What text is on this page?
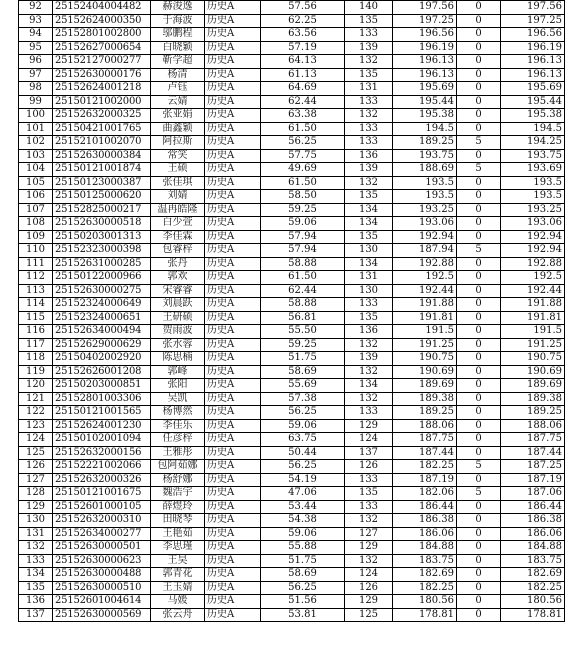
92	25152404004482	赫浚逸	历史A	57.56	140	197.56	0	197.56
93	25152624000350	于海波	历史A	62.25	135	197.25	0	197.25
94	25152801002800	邬鹏程	历史A	63.56	133	196.56	0	196.56
95	25152627000654	白晓颖	历史A	57.19	139	196.19	0	196.19
96	25152127000277	靳学超	历史A	64.13	132	196.13	0	196.13
97	25152630000176	杨清	历史A	61.13	135	196.13	0	196.13
98	25152624001218	卢钰	历史A	64.69	131	195.69	0	195.69
99	25150121002000	云婧	历史A	62.44	133	195.44	0	195.44
100	25152632000325	张亚娟	历史A	63.38	132	195.38	0	195.38
101	25150421001765	曲鑫颖	历史A	61.50	133	194.5	0	194.5
102	25152101002070	阿拉斯	历史A	56.25	133	189.25	5	194.25
103	25152630000384	常笑	历史A	57.75	136	193.75	0	193.75
104	25150121001874	王硕	历史A	49.69	139	188.69	5	193.69
105	25150123000387	张佳琪	历史A	61.50	132	193.5	0	193.5
106	25150125000620	刘婧	历史A	58.50	135	193.5	0	193.5
107	25152825000217	温冉皓隆	历史A	59.25	134	193.25	0	193.25
108	25152630000518	白少萱	历史A	59.06	134	193.06	0	193.06
109	25150203001313	李佳霖	历史A	57.94	135	192.94	0	192.94
110	25152323000398	包睿梓	历史A	57.94	130	187.94	5	192.94
111	25152631000285	张丹	历史A	58.88	134	192.88	0	192.88
112	25150122000966	郭欢	历史A	61.50	131	192.5	0	192.5
113	25152630000275	宋睿睿	历史A	62.44	130	192.44	0	192.44
114	25152324000649	刘晨跃	历史A	58.88	133	191.88	0	191.88
115	25152324000651	王研硕	历史A	56.81	135	191.81	0	191.81
116	25152634000494	贺雨波	历史A	55.50	136	191.5	0	191.5
117	25152629000629	张水蓉	历史A	59.25	132	191.25	0	191.25
118	25150402002920	陈思楠	历史A	51.75	139	190.75	0	190.75
119	25152626001208	郭峰	历史A	58.69	132	190.69	0	190.69
120	25150203000851	张阳	历史A	55.69	134	189.69	0	189.69
121	25152801003306	吴凯	历史A	57.38	132	189.38	0	189.38
122	25150121001565	杨博然	历史A	56.25	133	189.25	0	189.25
123	25152624001230	李佳乐	历史A	59.06	129	188.06	0	188.06
124	25150102001094	任彦梓	历史A	63.75	124	187.75	0	187.75
125	25152632000156	王雅彤	历史A	50.44	137	187.44	0	187.44
126	25152221002066	包阿茹娜	历史A	56.25	126	182.25	5	187.25
127	25152632000326	杨舒娜	历史A	54.19	133	187.19	0	187.19
128	25150121001675	魏浩宇	历史A	47.06	135	182.06	5	187.06
129	25152601000105	薛煜玲	历史A	53.44	133	186.44	0	186.44
130	25152632000310	田晓琴	历史A	54.38	132	186.38	0	186.38
131	25152634000277	王艳茹	历史A	59.06	127	186.06	0	186.06
132	25152630000501	李思瑾	历史A	55.88	129	184.88	0	184.88
133	25152630000623	王昊	历史A	51.75	132	183.75	0	183.75
134	25152630000488	郭青花	历史A	58.69	124	182.69	0	182.69
135	25152630000510	王玉婧	历史A	56.25	126	182.25	0	182.25
136	25152601004614	马媛	历史A	51.56	129	180.56	0	180.56
137	25152630000569	张云舟	历史A	53.81	125	178.81	0	178.81
